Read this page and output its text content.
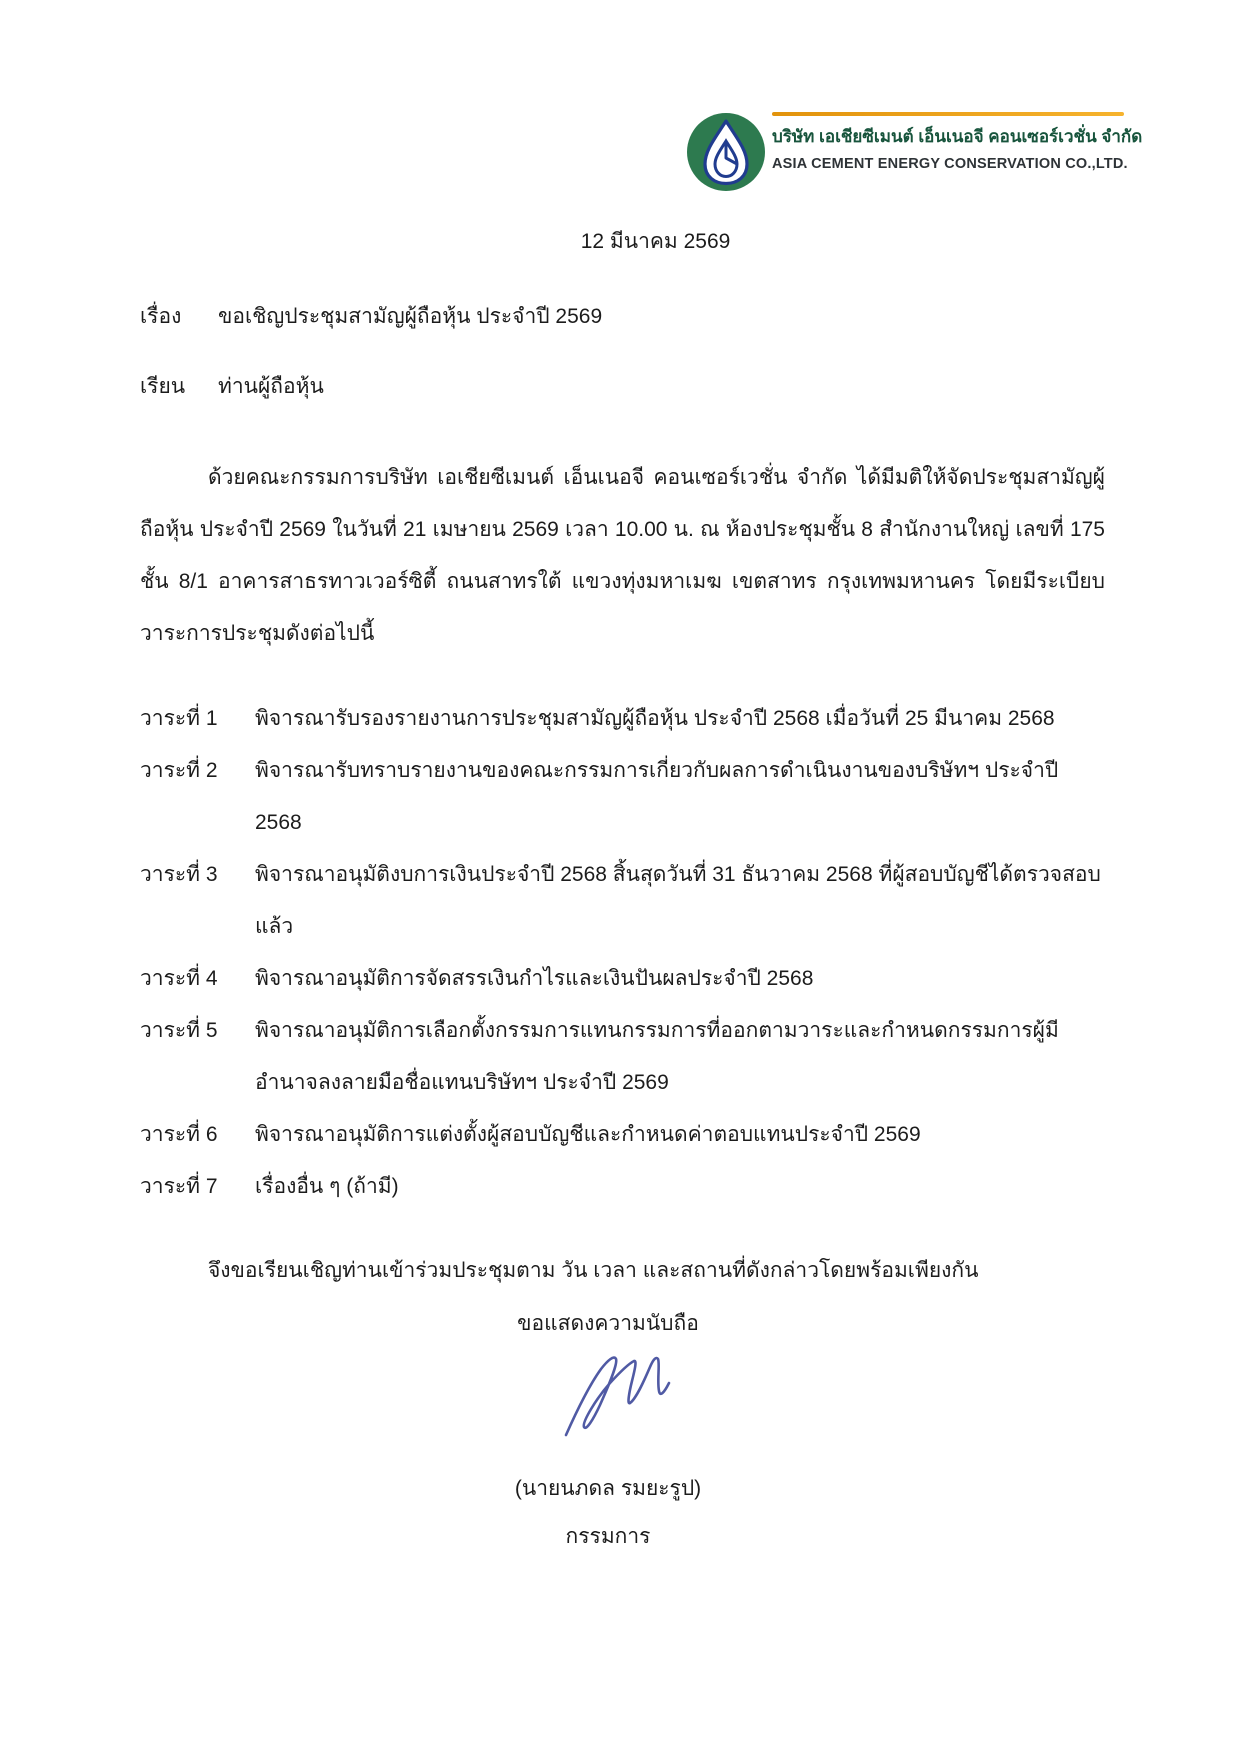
บริษัท เอเชียซีเมนต์ เอ็นเนอจี คอนเซอร์เวชั่น จำกัด
ASIA CEMENT ENERGY CONSERVATION CO.,LTD.
12 มีนาคม 2569
เรื่อง	ขอเชิญประชุมสามัญผู้ถือหุ้น ประจำปี 2569
เรียน	ท่านผู้ถือหุ้น
ด้วยคณะกรรมการบริษัท เอเชียซีเมนต์ เอ็นเนอจี คอนเซอร์เวชั่น จำกัด ได้มีมติให้จัดประชุมสามัญ​ผู้ถือหุ้น ประจำปี 2569 ในวันที่ 21 เมษายน 2569 เวลา 10.00 น. ณ ห้องประชุมชั้น 8 สำนักงานใหญ่ เลขที่ 175 ชั้น 8/1 อาคารสาธรทาวเวอร์ซิตี้ ถนนสาทรใต้ แขวงทุ่งมหาเมฆ เขตสาทร กรุงเทพมหานคร โดยมีระเบียบ​วาระการประชุมดังต่อไปนี้
วาระที่ 1	พิจารณารับรองรายงานการประชุมสามัญผู้ถือหุ้น ประจำปี 2568 เมื่อวันที่ 25 มีนาคม 2568
วาระที่ 2	พิจารณารับทราบรายงานของคณะกรรมการ​เกี่ยวกับผลการดำเนินงานของบริษัทฯ ประจำปี 2568
วาระที่ 3	พิจารณาอนุมัติงบการเงินประจำปี 2568 สิ้นสุดวันที่ 31 ธันวาคม 2568 ที่ผู้สอบบัญชีได้​ตรวจสอบแล้ว
วาระที่ 4	พิจารณาอนุมัติการจัดสรรเงินกำไรและเงินปันผลประจำปี 2568
วาระที่ 5	พิจารณาอนุมัติการเลือกตั้งกรรมการแทนกรรมการที่ออกตามวาระและกำหนด​กรรมการผู้มีอำนาจ​ลงลายมือชื่อ​แทนบริษัทฯ ประจำปี 2569
วาระที่ 6	พิจารณาอนุมัติการแต่งตั้งผู้สอบบัญชีและกำหนดค่าตอบแทนประจำปี 2569
วาระที่ 7	เรื่องอื่น ๆ (ถ้ามี)
จึงขอเรียนเชิญท่านเข้าร่วมประชุมตาม วัน เวลา และสถานที่ดังกล่าวโดยพร้อมเพียงกัน
ขอแสดงความนับถือ
(นายนภดล รมยะรูป)
กรรมการ
